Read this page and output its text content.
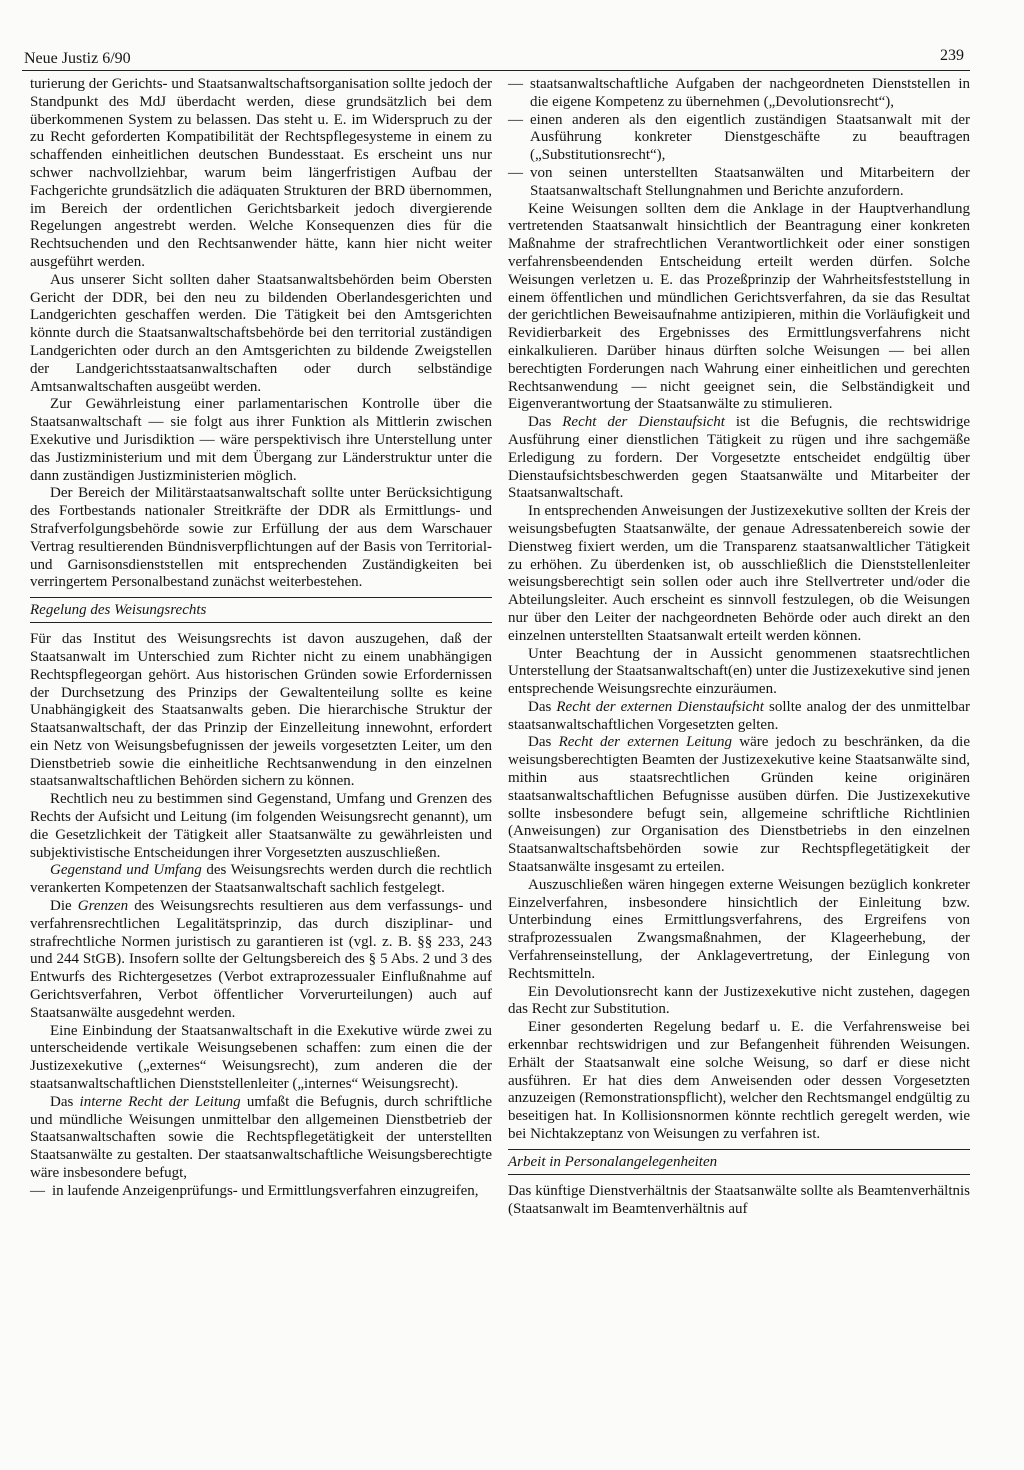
Neue Justiz 6/90	239

turierung der Gerichts- und Staatsanwaltschaftsorganisation sollte jedoch der Standpunkt des MdJ überdacht werden, diese grundsätzlich bei dem überkommenen System zu belassen. Das steht u. E. im Widerspruch zu der zu Recht geforderten Kompatibilität der Rechtspflegesysteme in einem zu schaffenden einheitlichen deutschen Bundesstaat. Es erscheint uns nur schwer nachvollziehbar, warum beim längerfristigen Aufbau der Fachgerichte grundsätzlich die adäquaten Strukturen der BRD übernommen, im Bereich der ordentlichen Gerichtsbarkeit jedoch divergierende Regelungen angestrebt werden. Welche Konsequenzen dies für die Rechtsuchenden und den Rechtsanwender hätte, kann hier nicht weiter ausgeführt werden.

Aus unserer Sicht sollten daher Staatsanwaltsbehörden beim Obersten Gericht der DDR, bei den neu zu bildenden Oberlandesgerichten und Landgerichten geschaffen werden. Die Tätigkeit bei den Amtsgerichten könnte durch die Staatsanwaltschaftsbehörde bei den territorial zuständigen Landgerichten oder durch an den Amtsgerichten zu bildende Zweigstellen der Landgerichtsstaatsanwaltschaften oder durch selbständige Amtsanwaltschaften ausgeübt werden.

Zur Gewährleistung einer parlamentarischen Kontrolle über die Staatsanwaltschaft — sie folgt aus ihrer Funktion als Mittlerin zwischen Exekutive und Jurisdiktion — wäre perspektivisch ihre Unterstellung unter das Justizministerium und mit dem Übergang zur Länderstruktur unter die dann zuständigen Justizministerien möglich.

Der Bereich der Militärstaatsanwaltschaft sollte unter Berücksichtigung des Fortbestands nationaler Streitkräfte der DDR als Ermittlungs- und Strafverfolgungsbehörde sowie zur Erfüllung der aus dem Warschauer Vertrag resultierenden Bündnisverpflichtungen auf der Basis von Territorial- und Garnisonsdienststellen mit entsprechenden Zuständigkeiten bei verringertem Personalbestand zunächst weiterbestehen.

Regelung des Weisungsrechts

Für das Institut des Weisungsrechts ist davon auszugehen, daß der Staatsanwalt im Unterschied zum Richter nicht zu einem unabhängigen Rechtspflegeorgan gehört. Aus historischen Gründen sowie Erfordernissen der Durchsetzung des Prinzips der Gewaltenteilung sollte es keine Unabhängigkeit des Staatsanwalts geben. Die hierarchische Struktur der Staatsanwaltschaft, der das Prinzip der Einzelleitung innewohnt, erfordert ein Netz von Weisungsbefugnissen der jeweils vorgesetzten Leiter, um den Dienstbetrieb sowie die einheitliche Rechtsanwendung in den einzelnen staatsanwaltschaftlichen Behörden sichern zu können.

Rechtlich neu zu bestimmen sind Gegenstand, Umfang und Grenzen des Rechts der Aufsicht und Leitung (im folgenden Weisungsrecht genannt), um die Gesetzlichkeit der Tätigkeit aller Staatsanwälte zu gewährleisten und subjektivistische Entscheidungen ihrer Vorgesetzten auszuschließen.

Gegenstand und Umfang des Weisungsrechts werden durch die rechtlich verankerten Kompetenzen der Staatsanwaltschaft sachlich festgelegt.

Die Grenzen des Weisungsrechts resultieren aus dem verfassungs- und verfahrensrechtlichen Legalitätsprinzip, das durch disziplinar- und strafrechtliche Normen juristisch zu garantieren ist (vgl. z. B. §§ 233, 243 und 244 StGB). Insofern sollte der Geltungsbereich des § 5 Abs. 2 und 3 des Entwurfs des Richtergesetzes (Verbot extraprozessualer Einflußnahme auf Gerichtsverfahren, Verbot öffentlicher Vorverurteilungen) auch auf Staatsanwälte ausgedehnt werden.

Eine Einbindung der Staatsanwaltschaft in die Exekutive würde zwei zu unterscheidende vertikale Weisungsebenen schaffen: zum einen die der Justizexekutive („externes“ Weisungsrecht), zum anderen die der staatsanwaltschaftlichen Dienststellenleiter („internes“ Weisungsrecht).

Das interne Recht der Leitung umfaßt die Befugnis, durch schriftliche und mündliche Weisungen unmittelbar den allgemeinen Dienstbetrieb der Staatsanwaltschaften sowie die Rechtspflegetätigkeit der unterstellten Staatsanwälte zu gestalten. Der staatsanwaltschaftliche Weisungsberechtigte wäre insbesondere befugt,

— in laufende Anzeigenprüfungs- und Ermittlungsverfahren einzugreifen,
— staatsanwaltschaftliche Aufgaben der nachgeordneten Dienststellen in die eigene Kompetenz zu übernehmen („Devolutionsrecht“),
— einen anderen als den eigentlich zuständigen Staatsanwalt mit der Ausführung konkreter Dienstgeschäfte zu beauftragen („Substitutionsrecht“),
— von seinen unterstellten Staatsanwälten und Mitarbeitern der Staatsanwaltschaft Stellungnahmen und Berichte anzufordern.

Keine Weisungen sollten dem die Anklage in der Hauptverhandlung vertretenden Staatsanwalt hinsichtlich der Beantragung einer konkreten Maßnahme der strafrechtlichen Verantwortlichkeit oder einer sonstigen verfahrensbeendenden Entscheidung erteilt werden dürfen. Solche Weisungen verletzen u. E. das Prozeßprinzip der Wahrheitsfeststellung in einem öffentlichen und mündlichen Gerichtsverfahren, da sie das Resultat der gerichtlichen Beweisaufnahme antizipieren, mithin die Vorläufigkeit und Revidierbarkeit des Ergebnisses des Ermittlungsverfahrens nicht einkalkulieren. Darüber hinaus dürften solche Weisungen — bei allen berechtigten Forderungen nach Wahrung einer einheitlichen und gerechten Rechtsanwendung — nicht geeignet sein, die Selbständigkeit und Eigenverantwortung der Staatsanwälte zu stimulieren.

Das Recht der Dienstaufsicht ist die Befugnis, die rechtswidrige Ausführung einer dienstlichen Tätigkeit zu rügen und ihre sachgemäße Erledigung zu fordern. Der Vorgesetzte entscheidet endgültig über Dienstaufsichtsbeschwerden gegen Staatsanwälte und Mitarbeiter der Staatsanwaltschaft.

In entsprechenden Anweisungen der Justizexekutive sollten der Kreis der weisungsbefugten Staatsanwälte, der genaue Adressatenbereich sowie der Dienstweg fixiert werden, um die Transparenz staatsanwaltlicher Tätigkeit zu erhöhen. Zu überdenken ist, ob ausschließlich die Dienststellenleiter weisungsberechtigt sein sollen oder auch ihre Stellvertreter und/oder die Abteilungsleiter. Auch erscheint es sinnvoll festzulegen, ob die Weisungen nur über den Leiter der nachgeordneten Behörde oder auch direkt an den einzelnen unterstellten Staatsanwalt erteilt werden können.

Unter Beachtung der in Aussicht genommenen staatsrechtlichen Unterstellung der Staatsanwaltschaft(en) unter die Justizexekutive sind jenen entsprechende Weisungsrechte einzuräumen.

Das Recht der externen Dienstaufsicht sollte analog der des unmittelbar staatsanwaltschaftlichen Vorgesetzten gelten.

Das Recht der externen Leitung wäre jedoch zu beschränken, da die weisungsberechtigten Beamten der Justizexekutive keine Staatsanwälte sind, mithin aus staatsrechtlichen Gründen keine originären staatsanwaltschaftlichen Befugnisse ausüben dürfen. Die Justizexekutive sollte insbesondere befugt sein, allgemeine schriftliche Richtlinien (Anweisungen) zur Organisation des Dienstbetriebs in den einzelnen Staatsanwaltschaftsbehörden sowie zur Rechtspflegetätigkeit der Staatsanwälte insgesamt zu erteilen.

Auszuschließen wären hingegen externe Weisungen bezüglich konkreter Einzelverfahren, insbesondere hinsichtlich der Einleitung bzw. Unterbindung eines Ermittlungsverfahrens, des Ergreifens von strafprozessualen Zwangsmaßnahmen, der Klageerhebung, der Verfahrenseinstellung, der Anklagevertretung, der Einlegung von Rechtsmitteln.

Ein Devolutionsrecht kann der Justizexekutive nicht zustehen, dagegen das Recht zur Substitution.

Einer gesonderten Regelung bedarf u. E. die Verfahrensweise bei erkennbar rechtswidrigen und zur Befangenheit führenden Weisungen. Erhält der Staatsanwalt eine solche Weisung, so darf er diese nicht ausführen. Er hat dies dem Anweisenden oder dessen Vorgesetzten anzuzeigen (Remonstrationspflicht), welcher den Rechtsmangel endgültig zu beseitigen hat. In Kollisionsnormen könnte rechtlich geregelt werden, wie bei Nichtakzeptanz von Weisungen zu verfahren ist.

Arbeit in Personalangelegenheiten

Das künftige Dienstverhältnis der Staatsanwälte sollte als Beamtenverhältnis (Staatsanwalt im Beamtenverhältnis auf
